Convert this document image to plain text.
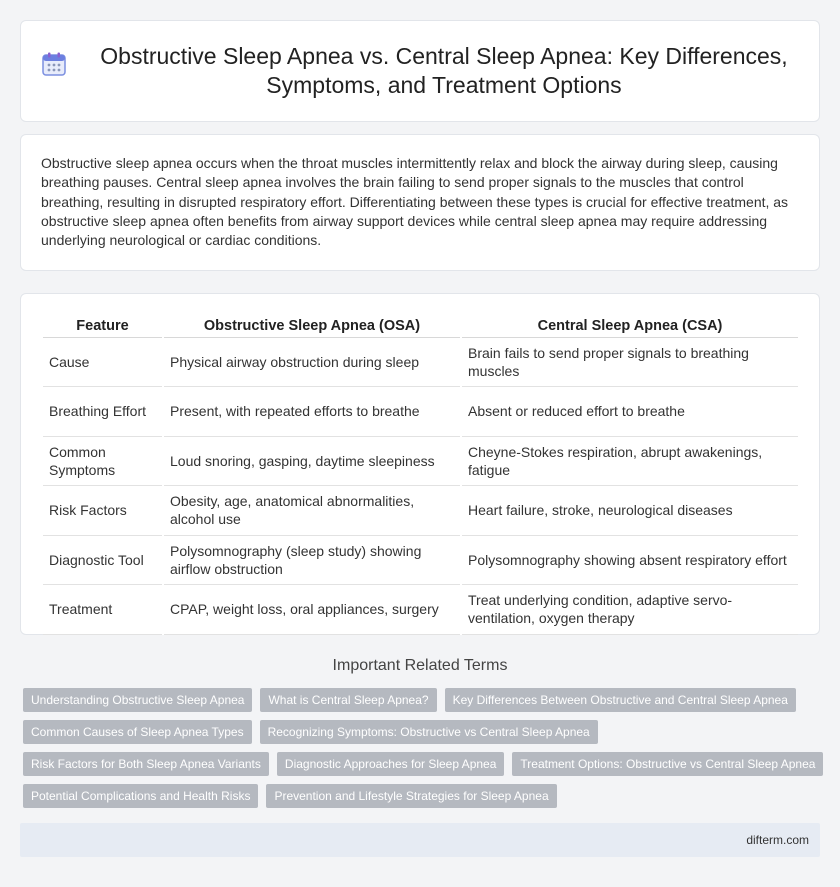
Obstructive Sleep Apnea vs. Central Sleep Apnea: Key Differences, Symptoms, and Treatment Options

Obstructive sleep apnea occurs when the throat muscles intermittently relax and block the airway during sleep, causing breathing pauses. Central sleep apnea involves the brain failing to send proper signals to the muscles that control breathing, resulting in disrupted respiratory effort. Differentiating between these types is crucial for effective treatment, as obstructive sleep apnea often benefits from airway support devices while central sleep apnea may require addressing underlying neurological or cardiac conditions.

Feature	Obstructive Sleep Apnea (OSA)	Central Sleep Apnea (CSA)
Cause	Physical airway obstruction during sleep	Brain fails to send proper signals to breathing muscles
Breathing Effort	Present, with repeated efforts to breathe	Absent or reduced effort to breathe
Common Symptoms	Loud snoring, gasping, daytime sleepiness	Cheyne-Stokes respiration, abrupt awakenings, fatigue
Risk Factors	Obesity, age, anatomical abnormalities, alcohol use	Heart failure, stroke, neurological diseases
Diagnostic Tool	Polysomnography (sleep study) showing airflow obstruction	Polysomnography showing absent respiratory effort
Treatment	CPAP, weight loss, oral appliances, surgery	Treat underlying condition, adaptive servo-ventilation, oxygen therapy
Important Related Terms
Understanding Obstructive Sleep Apnea	What is Central Sleep Apnea?	Key Differences Between Obstructive and Central Sleep Apnea
Common Causes of Sleep Apnea Types	Recognizing Symptoms: Obstructive vs Central Sleep Apnea
Risk Factors for Both Sleep Apnea Variants	Diagnostic Approaches for Sleep Apnea	Treatment Options: Obstructive vs Central Sleep Apnea
Potential Complications and Health Risks	Prevention and Lifestyle Strategies for Sleep Apnea
difterm.com
